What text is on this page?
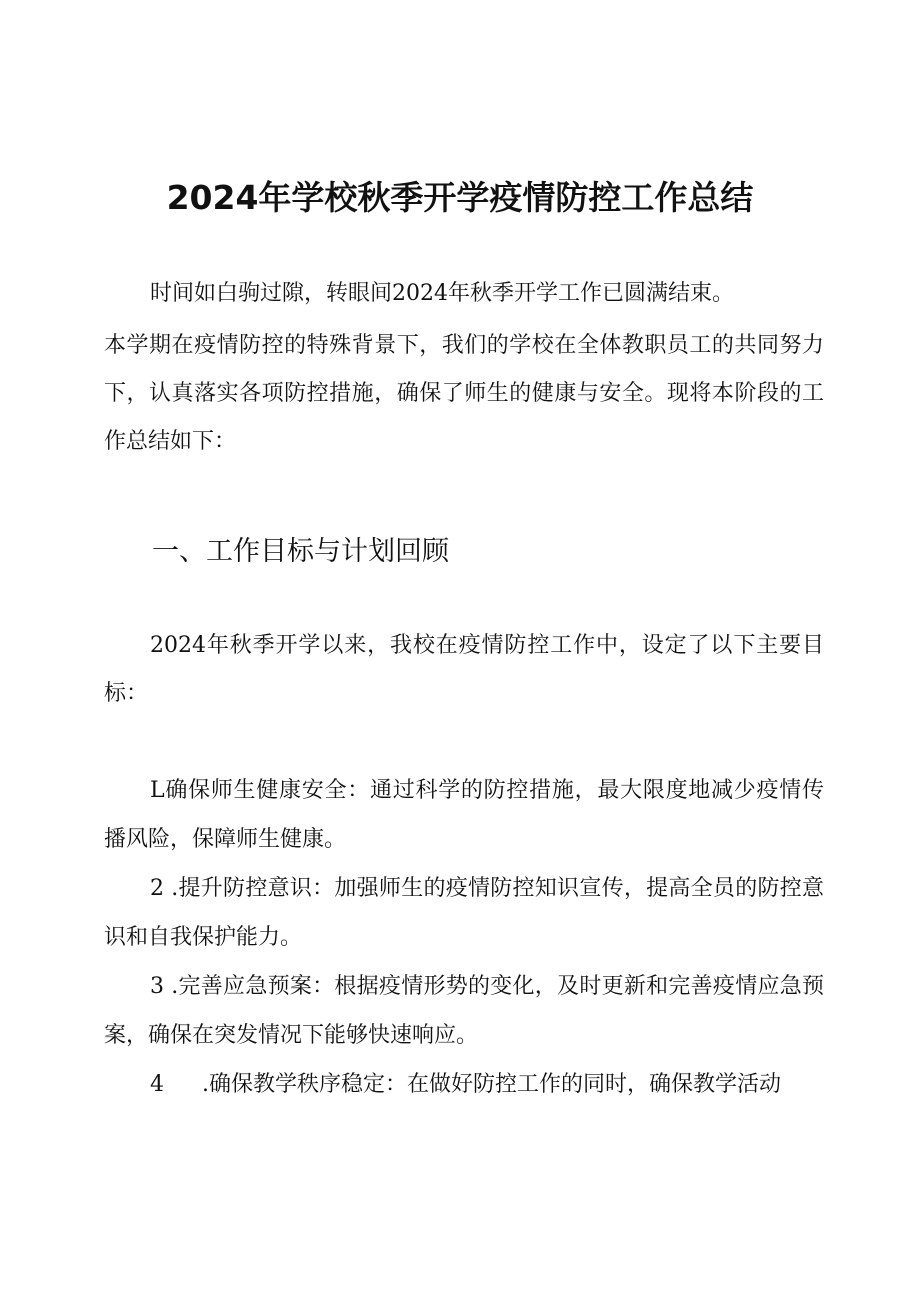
2024年学校秋季开学疫情防控工作总结
时间如白驹过隙，转眼间2024年秋季开学工作已圆满结束。

本学期在疫情防控的特殊背景下，我们的学校在全体教职员工的共同努力下，认真落实各项防控措施，确保了师生的健康与安全。现将本阶段的工作总结如下：

一、工作目标与计划回顾

2024年秋季开学以来，我校在疫情防控工作中，设定了以下主要目标：

L确保师生健康安全：通过科学的防控措施，最大限度地减少疫情传播风险，保障师生健康。

2 .提升防控意识：加强师生的疫情防控知识宣传，提高全员的防控意识和自我保护能力。

3 .完善应急预案：根据疫情形势的变化，及时更新和完善疫情应急预案，确保在突发情况下能够快速响应。

4 .确保教学秩序稳定：在做好防控工作的同时，确保教学活动
